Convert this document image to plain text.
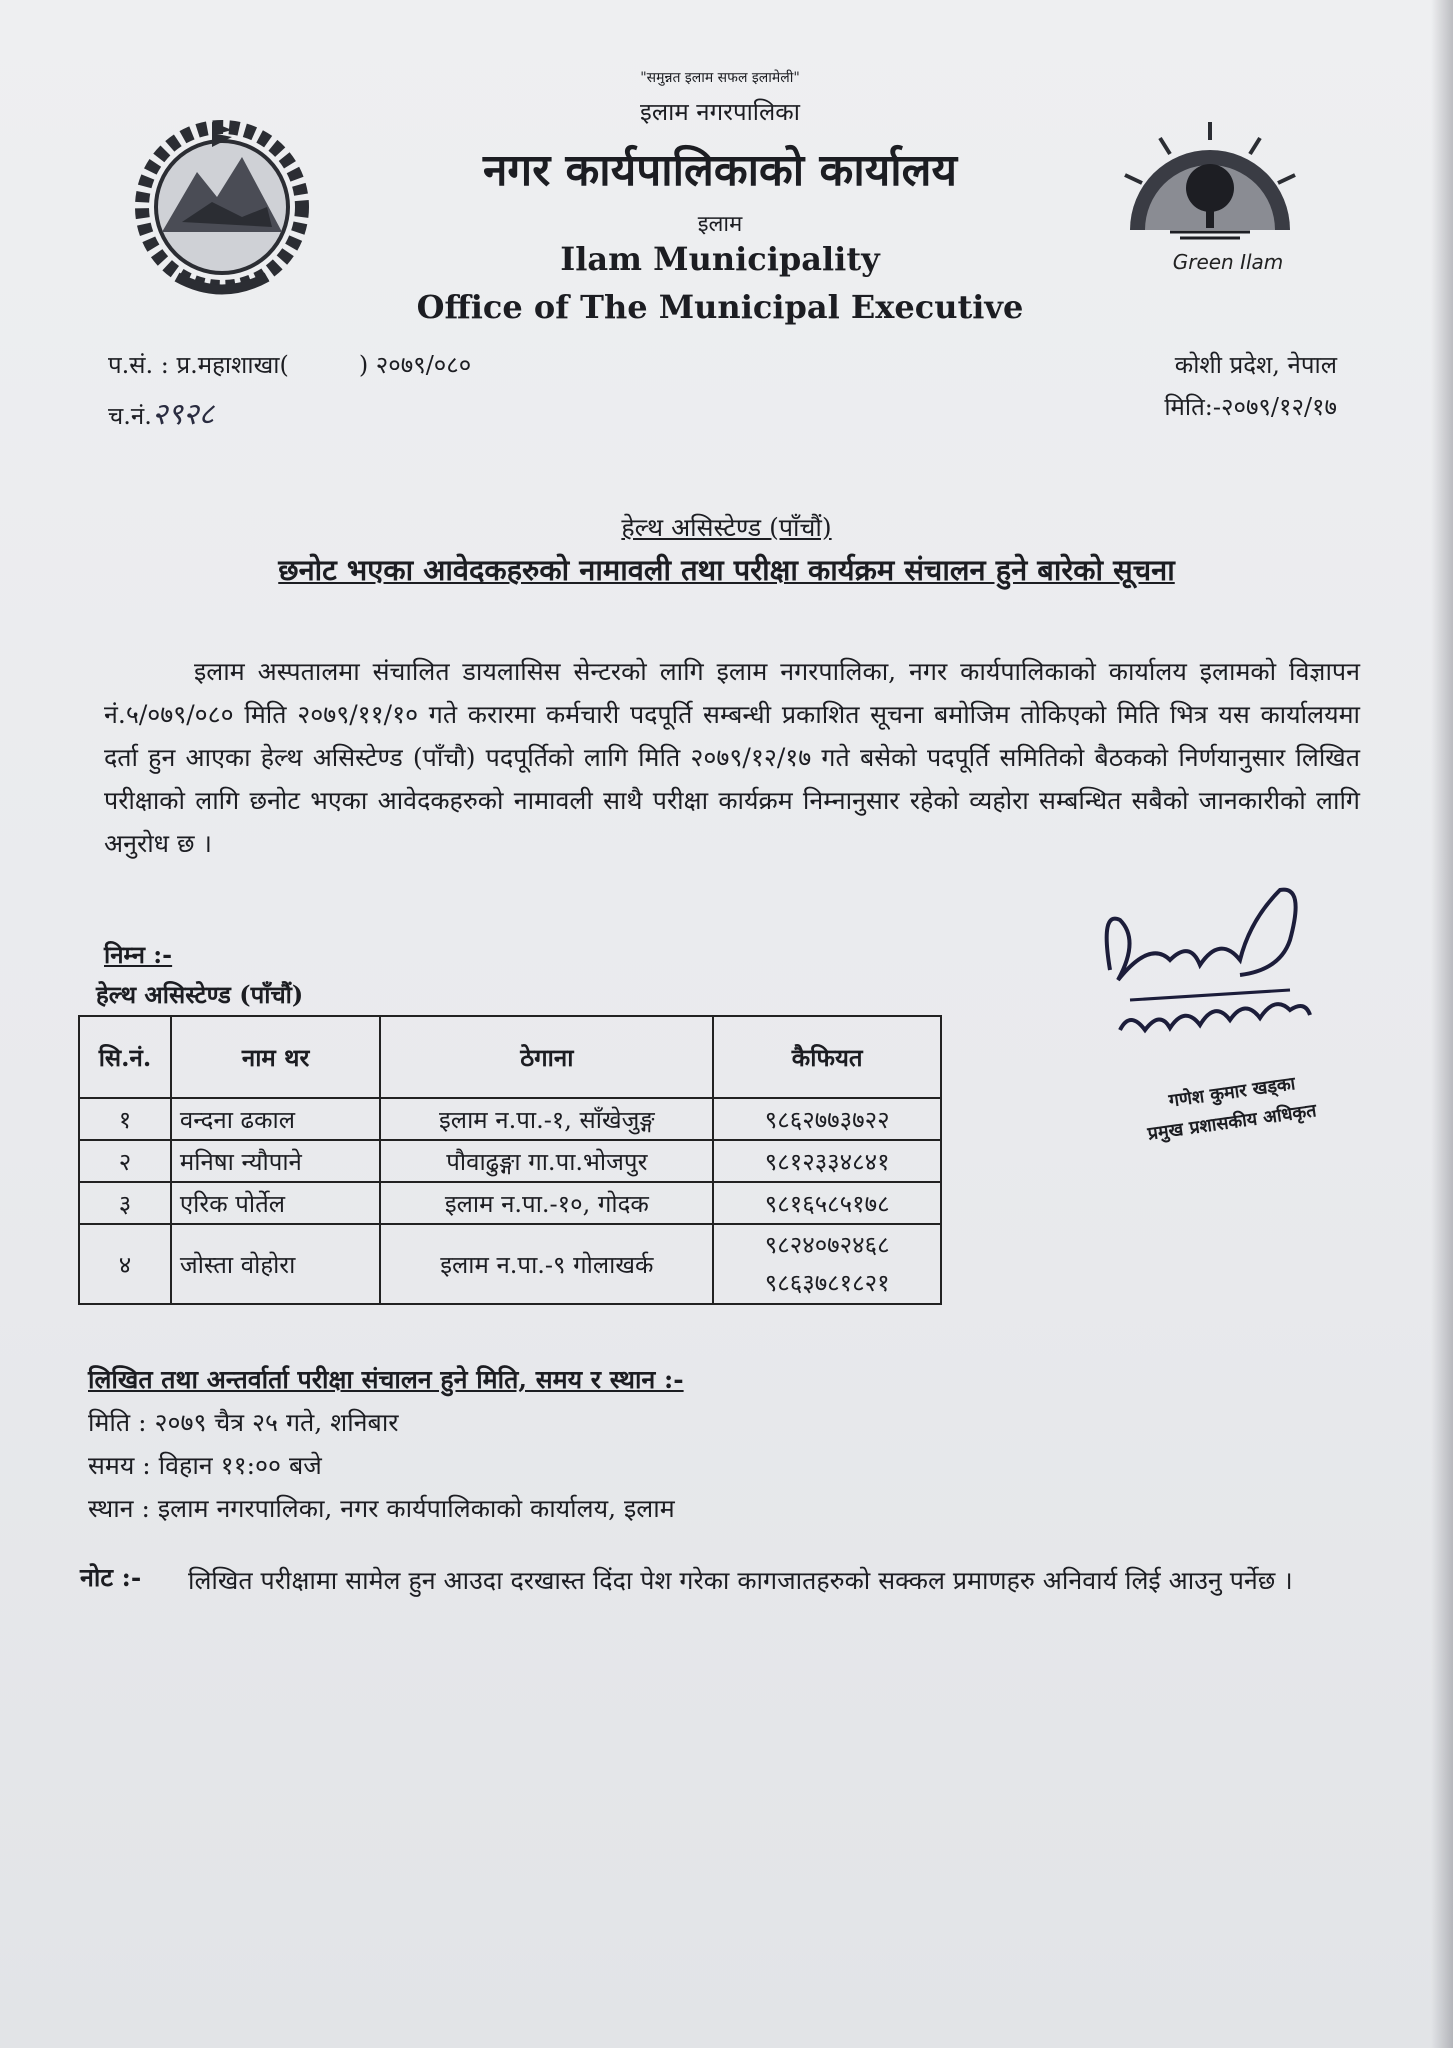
Green Ilam
"समुन्नत इलाम सफल इलामेली"
इलाम नगरपालिका
नगर कार्यपालिकाको कार्यालय
इलाम
Ilam Municipality
Office of The Municipal Executive
प.सं. : प्र.महाशाखा(	) २०७९/०८०
च.नं.२९२८
कोशी प्रदेश, नेपाल
मिति:-२०७९/१२/१७
हेल्थ असिस्टेण्ड (पाँचौं)
छनोट भएका आवेदकहरुको नामावली तथा परीक्षा कार्यक्रम संचालन हुने बारेको सूचना
इलाम अस्पतालमा संचालित डायलासिस सेन्टरको लागि इलाम नगरपालिका, नगर कार्यपालिकाको कार्यालय इलामको विज्ञापन नं.५/०७९/०८० मिति २०७९/११/१० गते करारमा कर्मचारी पदपूर्ति सम्बन्धी प्रकाशित सूचना बमोजिम तोकिएको मिति भित्र यस कार्यालयमा दर्ता हुन आएका हेल्थ असिस्टेण्ड (पाँचौ) पदपूर्तिको लागि मिति २०७९/१२/१७ गते बसेको पदपूर्ति समितिको बैठकको निर्णयानुसार लिखित परीक्षाको लागि छनोट भएका आवेदकहरुको नामावली साथै परीक्षा कार्यक्रम निम्नानुसार रहेको व्यहोरा सम्बन्धित सबैको जानकारीको लागि अनुरोध छ ।
गणेश कुमार खड्का
प्रमुख प्रशासकीय अधिकृत
निम्न :-
हेल्थ असिस्टेण्ड (पाँचौं)
सि.नं.	नाम थर	ठेगाना	कैफियत
१	वन्दना ढकाल	इलाम न.पा.-१, साँखेजुङ्ग	९८६२७७३७२२
२	मनिषा न्यौपाने	पौवाढुङ्गा गा.पा.भोजपुर	९८१२३३४८४१
३	एरिक पोर्तेल	इलाम न.पा.-१०, गोदक	९८१६५८५१७८
४	जोस्ता वोहोरा	इलाम न.पा.-९ गोलाखर्क	९८२४०७२४६८
९८६३७८१८२१
लिखित तथा अन्तर्वार्ता परीक्षा संचालन हुने मिति, समय र स्थान :-
मिति : २०७९ चैत्र २५ गते, शनिबार
समय : विहान ११:०० बजे
स्थान : इलाम नगरपालिका, नगर कार्यपालिकाको कार्यालय, इलाम
नोट :- लिखित परीक्षामा सामेल हुन आउदा दरखास्त दिंदा पेश गरेका कागजातहरुको सक्कल प्रमाणहरु अनिवार्य लिई आउनु पर्नेछ ।
